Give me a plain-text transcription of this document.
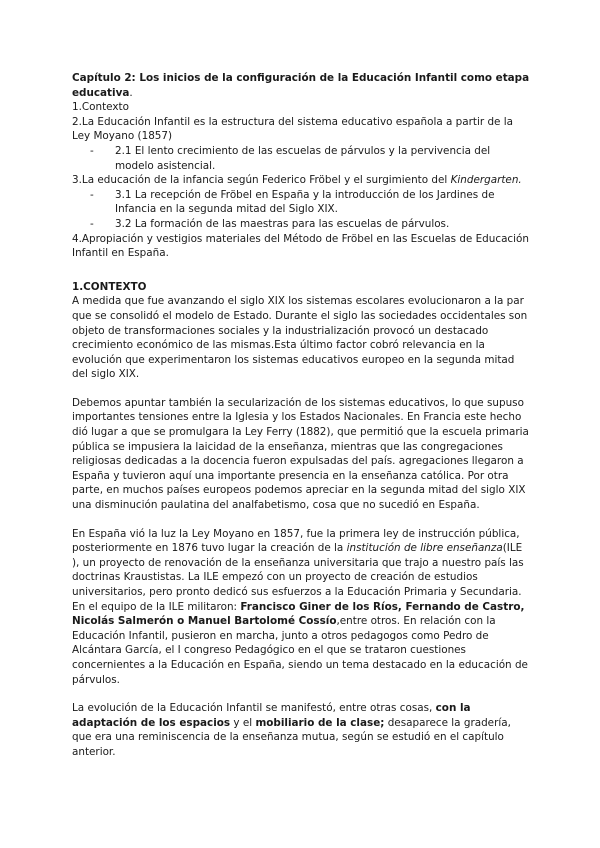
Capítulo 2: Los inicios de la configuración de la Educación Infantil como etapa educativa.

1.Contexto

2.La Educación Infantil es la estructura del sistema educativo española a partir de la Ley Moyano (1857)

- 2.1 El lento crecimiento de las escuelas de párvulos y la pervivencia del modelo asistencial.

3.La educación de la infancia según Federico Fröbel y el surgimiento del Kindergarten.

- 3.1 La recepción de Fröbel en España y la introducción de los Jardines de Infancia en la segunda mitad del Siglo XIX.

- 3.2 La formación de las maestras para las escuelas de párvulos.

4.Apropiación y vestigios materiales del Método de Fröbel en las Escuelas de Educación Infantil en España.

1.CONTEXTO

A medida que fue avanzando el siglo XIX los sistemas escolares evolucionaron a la par que se consolidó el modelo de Estado. Durante el siglo las sociedades occidentales son objeto de transformaciones sociales y la industrialización provocó un destacado crecimiento económico de las mismas.Esta último factor cobró relevancia en la evolución que experimentaron los sistemas educativos europeo en la segunda mitad del siglo XIX.

Debemos apuntar también la secularización de los sistemas educativos, lo que supuso importantes tensiones entre la Iglesia y los Estados Nacionales. En Francia este hecho dió lugar a que se promulgara la Ley Ferry (1882), que permitió que la escuela primaria pública se impusiera la laicidad de la enseñanza, mientras que las congregaciones religiosas dedicadas a la docencia fueron expulsadas del país. agregaciones llegaron a España y tuvieron aquí una importante presencia en la enseñanza católica. Por otra parte, en muchos países europeos podemos apreciar en la segunda mitad del siglo XIX una disminución paulatina del analfabetismo, cosa que no sucedió en España.

En España vió la luz la Ley Moyano en 1857, fue la primera ley de instrucción pública, posteriormente en 1876 tuvo lugar la creación de la institución de libre enseñanza(ILE ), un proyecto de renovación de la enseñanza universitaria que trajo a nuestro país las doctrinas Kraustistas. La ILE empezó con un proyecto de creación de estudios universitarios, pero pronto dedicó sus esfuerzos a la Educación Primaria y Secundaria. En el equipo de la ILE militaron: Francisco Giner de los Ríos, Fernando de Castro, Nicolás Salmerón o Manuel Bartolomé Cossío,entre otros. En relación con la Educación Infantil, pusieron en marcha, junto a otros pedagogos como Pedro de Alcántara García, el I congreso Pedagógico en el que se trataron cuestiones concernientes a la Educación en España, siendo un tema destacado en la educación de párvulos.

La evolución de la Educación Infantil se manifestó, entre otras cosas, con la adaptación de los espacios y el mobiliario de la clase; desaparece la gradería, que era una reminiscencia de la enseñanza mutua, según se estudió en el capítulo anterior.
